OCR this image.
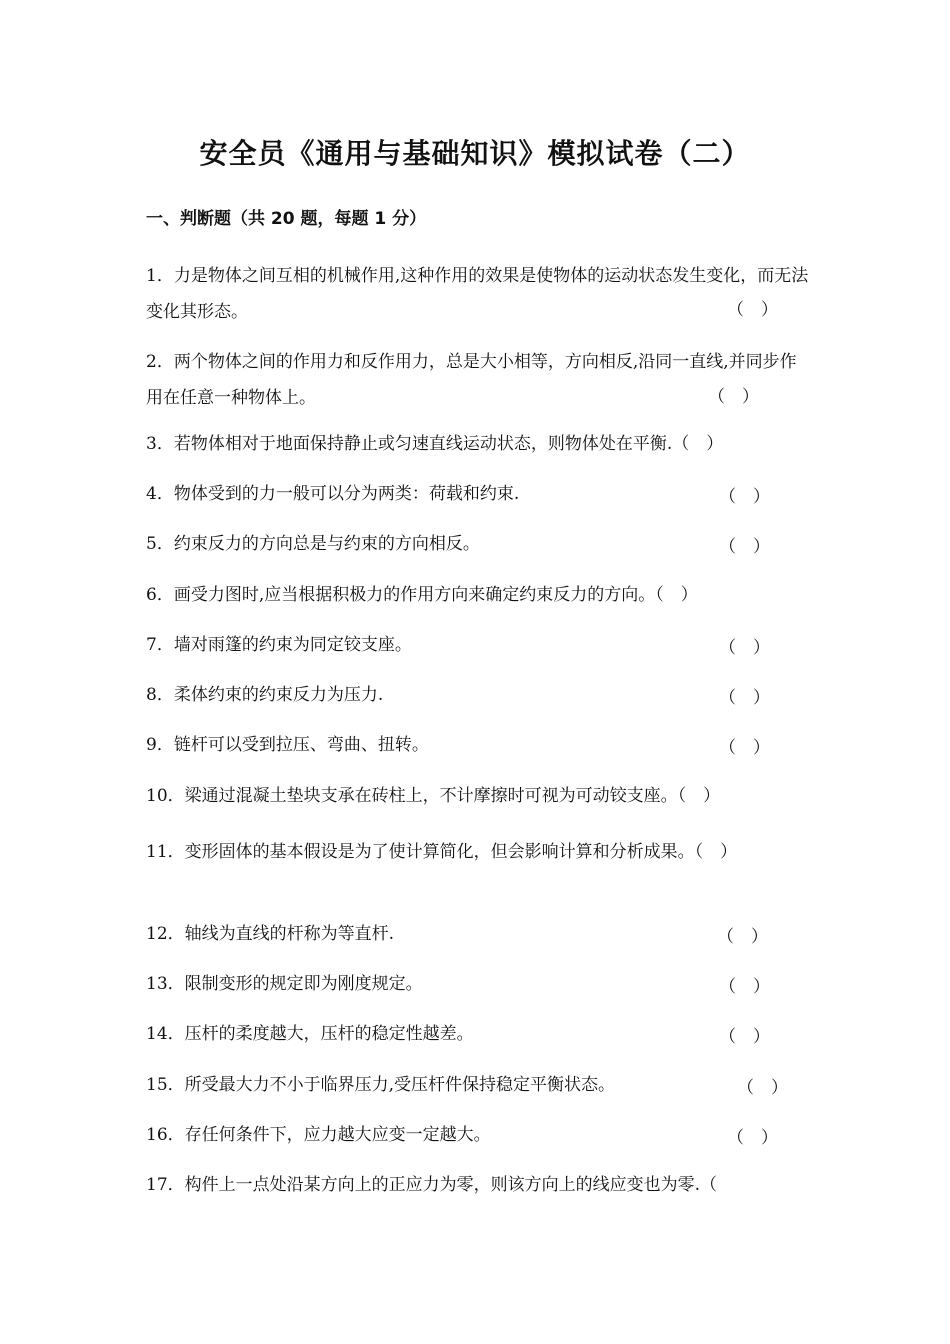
安全员《通用与基础知识》模拟试卷（二）
一、判断题（共 20 题，每题 1 分）
1．力是物体之间互相的机械作用,这种作用的效果是使物体的运动状态发生变化，而无法变化其形态。	（　）
2．两个物体之间的作用力和反作用力，总是大小相等，方向相反,沿同一直线,并同步作用在任意一种物体上。	（　）
3．若物体相对于地面保持静止或匀速直线运动状态，则物体处在平衡.（　）
4．物体受到的力一般可以分为两类：荷载和约束.	（　）
5．约束反力的方向总是与约束的方向相反。	（　）
6．画受力图时,应当根据积极力的作用方向来确定约束反力的方向。（　）
7．墙对雨篷的约束为同定铰支座。	（　）
8．柔体约束的约束反力为压力.	（　）
9．链杆可以受到拉压、弯曲、扭转。	（　）
10．梁通过混凝土垫块支承在砖柱上，不计摩擦时可视为可动铰支座。（　）
11．变形固体的基本假设是为了使计算简化，但会影响计算和分析成果。（　）
12．轴线为直线的杆称为等直杆.	（　）
13．限制变形的规定即为刚度规定。	（　）
14．压杆的柔度越大，压杆的稳定性越差。	（　）
15．所受最大力不小于临界压力,受压杆件保持稳定平衡状态。	（　）
16．存任何条件下，应力越大应变一定越大。	（　）
17．构件上一点处沿某方向上的正应力为零，则该方向上的线应变也为零.（
